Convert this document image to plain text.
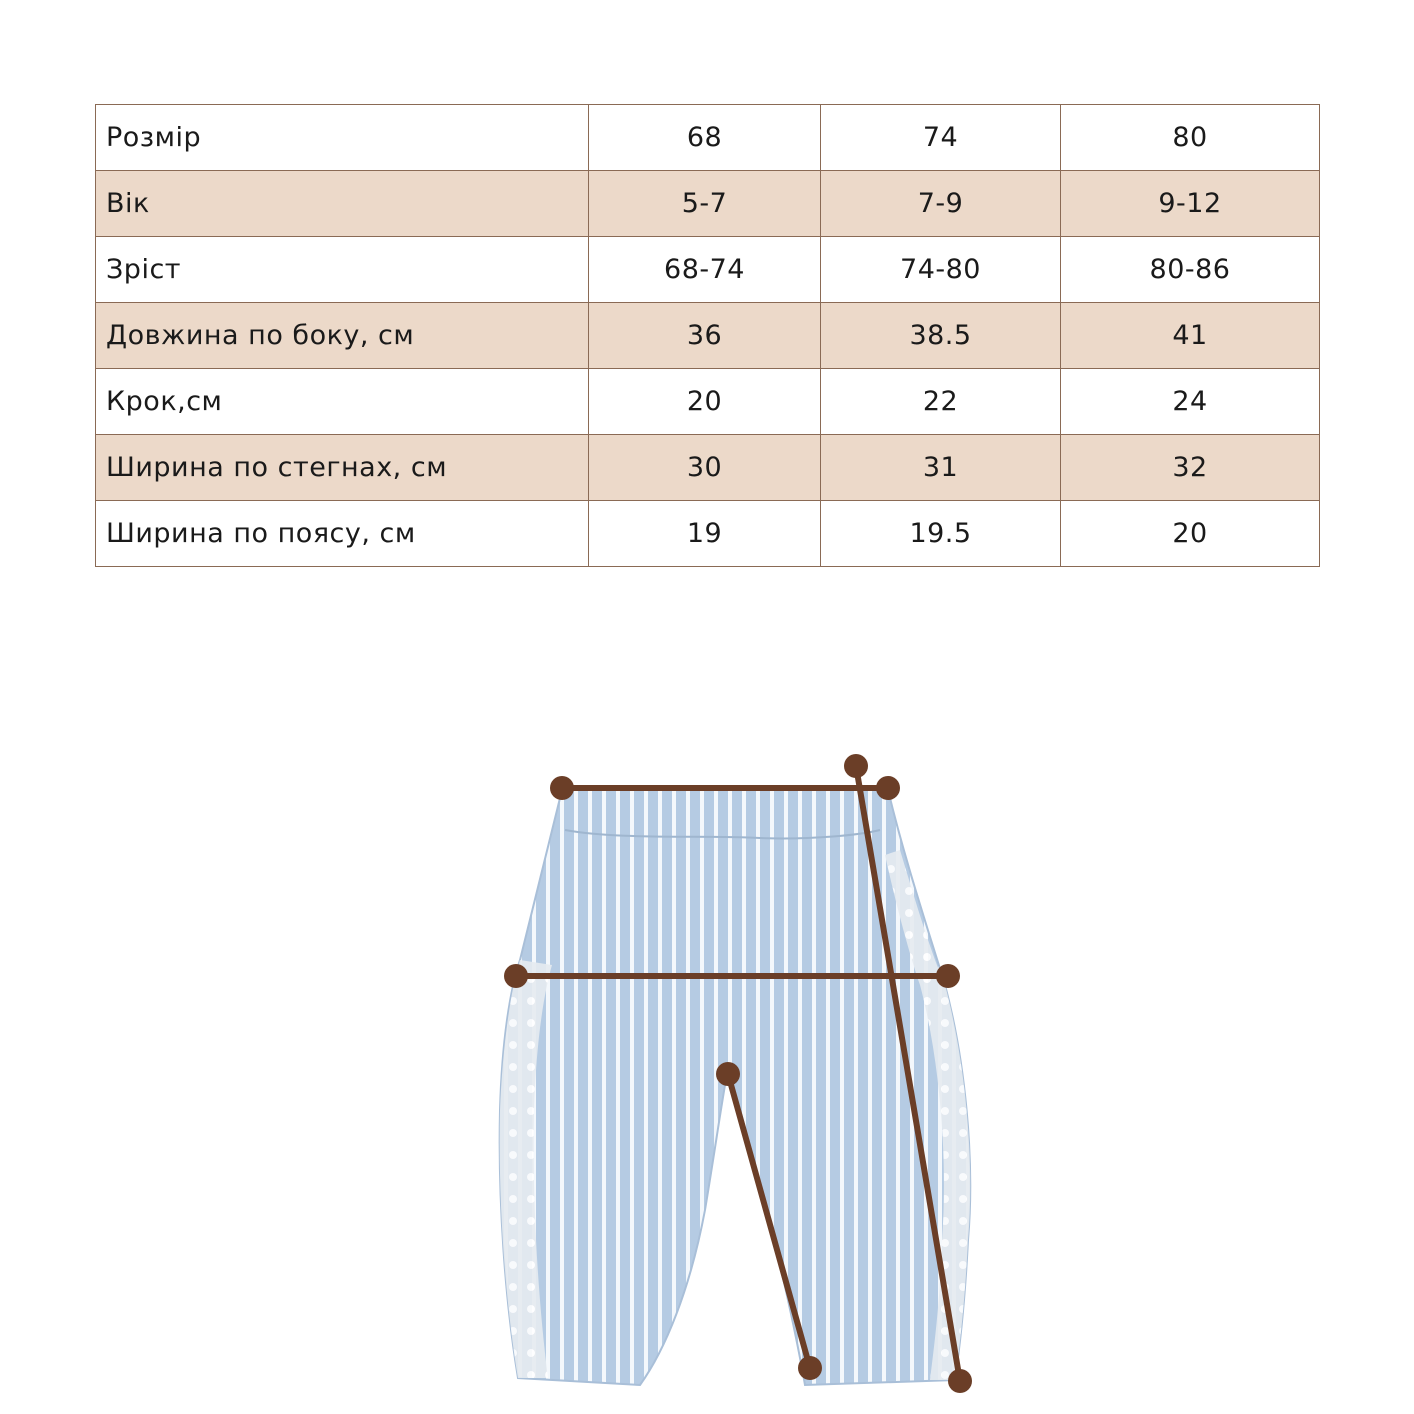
Розмір	68	74	80
Вік	5-7	7-9	9-12
Зріст	68-74	74-80	80-86
Довжина по боку, см	36	38.5	41
Крок,см	20	22	24
Ширина по стегнах, см	30	31	32
Ширина по поясу, см	19	19.5	20
